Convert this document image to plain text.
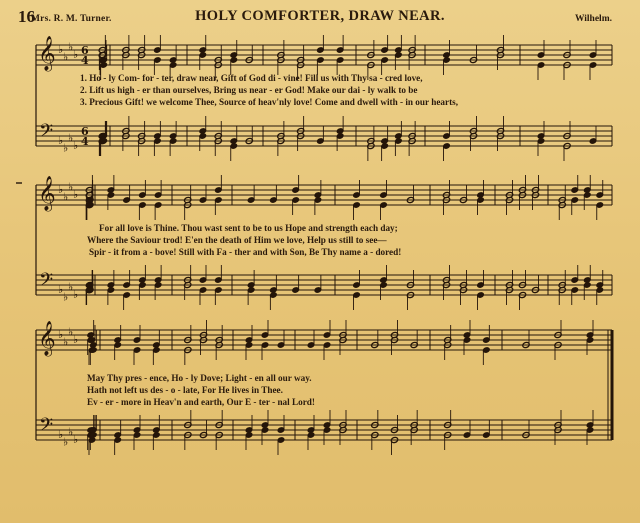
16
Mrs. R. M. Turner.	HOLY COMFORTER, DRAW NEAR.	Wilhelm.
𝄞
𝄢
♭
♭
♭
♭
♭
♭
♭
♭
6
4
6
4
𝄞
𝄢
♭
♭
♭
♭
♭
♭
♭
♭
𝄞
𝄢
♭
♭
♭
♭
♭
♭
♭
♭
1. Ho - ly Com- for - ter, draw near, Gift of God di - vine! Fill us with Thy sa - cred love,
2. Lift us high - er than ourselves, Bring us near - er God! Make our dai - ly walk to be
3. Precious Gift! we welcome Thee, Source of heav'nly love! Come and dwell with - in our hearts,
For all love is Thine. Thou wast sent to be to us Hope and strength each day;
Where the Saviour trod! E'en the death of Him we love, Help us still to see—
Spir - it from a - bove! Still with Fa - ther and with Son, Be Thy name a - dored!
May Thy pres - ence, Ho - ly Dove; Light - en all our way.
Hath not left us des - o - late, For He lives in Thee.
Ev - er - more in Heav'n and earth, Our E - ter - nal Lord!
